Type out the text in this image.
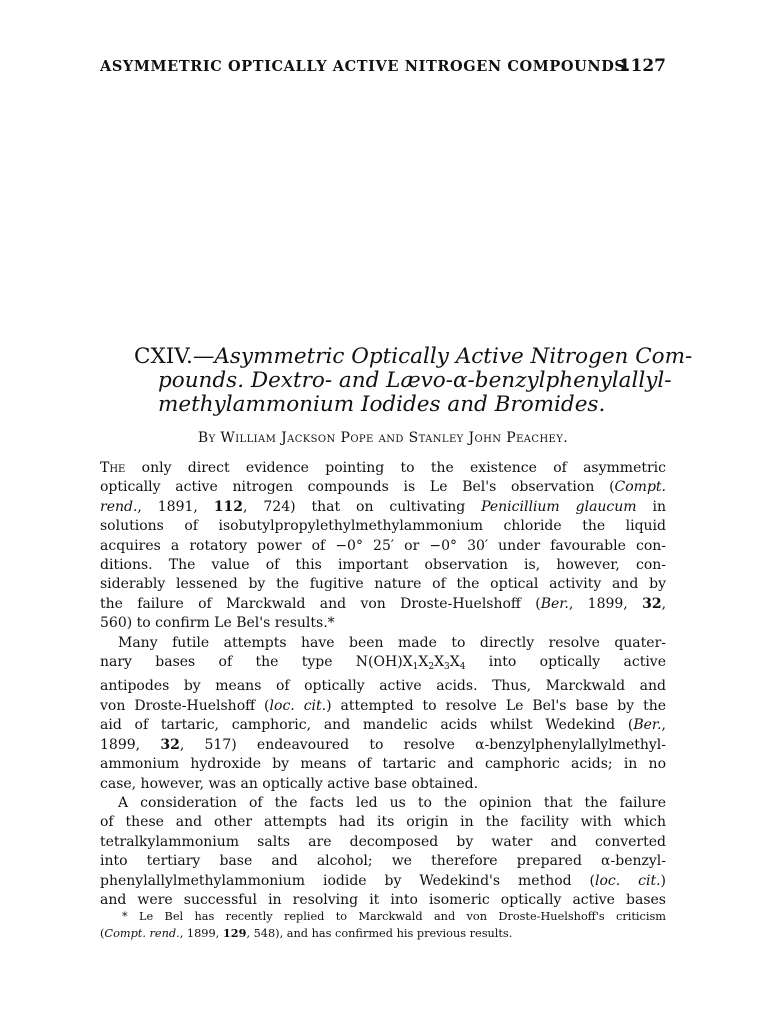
ASYMMETRIC OPTICALLY ACTIVE NITROGEN COMPOUNDS.
1127
CXIV.—Asymmetric Optically Active Nitrogen Com-
pounds. Dextro- and Lævo-α-benzylphenylallyl-
methylammonium Iodides and Bromides.
By William Jackson Pope and Stanley John Peachey.
The only direct evidence pointing to the existence of asymmetric
optically active nitrogen compounds is Le Bel's observation (Compt.
rend., 1891, 112, 724) that on cultivating Penicillium glaucum in
solutions of isobutylpropylethylmethylammonium chloride the liquid
acquires a rotatory power of −0° 25′ or −0° 30′ under favourable con-
ditions. The value of this important observation is, however, con-
siderably lessened by the fugitive nature of the optical activity and by
the failure of Marckwald and von Droste-Huelshoff (Ber., 1899, 32,
560) to confirm Le Bel's results.*
Many futile attempts have been made to directly resolve quater-
nary bases of the type $N(OH)X_1X_2X_3X_4$ into optically active
antipodes by means of optically active acids. Thus, Marckwald and
von Droste-Huelshoff (loc. cit.) attempted to resolve Le Bel's base by the
aid of tartaric, camphoric, and mandelic acids whilst Wedekind (Ber.,
1899, 32, 517) endeavoured to resolve α-benzylphenylallylmethyl-
ammonium hydroxide by means of tartaric and camphoric acids; in no
case, however, was an optically active base obtained.
A consideration of the facts led us to the opinion that the failure
of these and other attempts had its origin in the facility with which
tetralkylammonium salts are decomposed by water and converted
into tertiary base and alcohol; we therefore prepared α-benzyl-
phenylallylmethylammonium iodide by Wedekind's method (loc. cit.)
and were successful in resolving it into isomeric optically active bases
* Le Bel has recently replied to Marckwald and von Droste-Huelshoff's criticism
(Compt. rend., 1899, 129, 548), and has confirmed his previous results.
